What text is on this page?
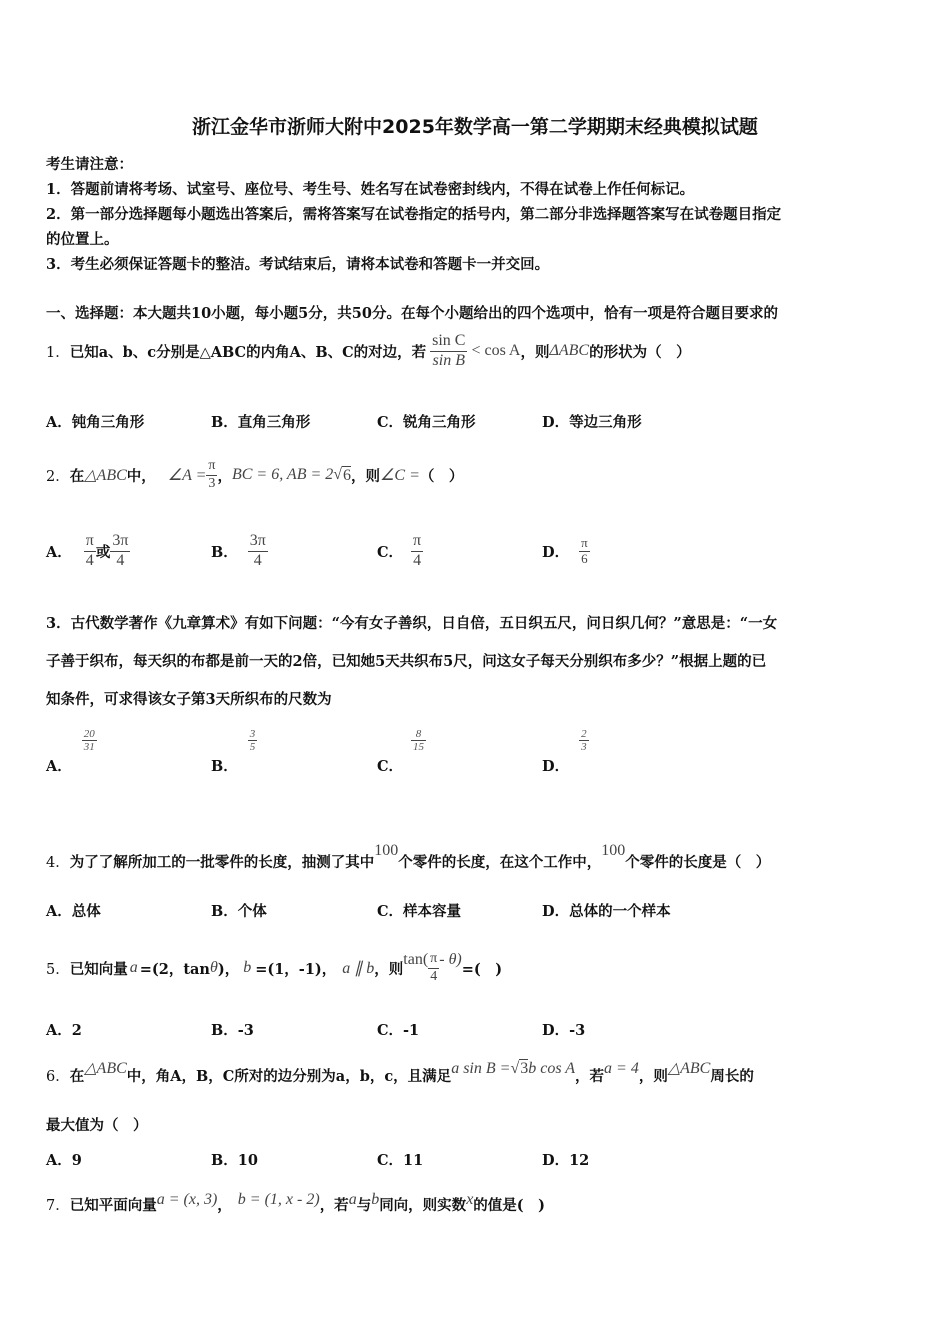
浙江金华市浙师大附中2025年数学高一第二学期期末经典模拟试题
考生请注意：
1．答题前请将考场、试室号、座位号、考生号、姓名写在试卷密封线内，不得在试卷上作任何标记。
2．第一部分选择题每小题选出答案后，需将答案写在试卷指定的括号内，第二部分非选择题答案写在试卷题目指定
的位置上。
3．考生必须保证答题卡的整洁。考试结束后，请将本试卷和答题卡一并交回。
一、选择题：本大题共10小题，每小题5分，共50分。在每个小题给出的四个选项中，恰有一项是符合题目要求的
1． 已知a、b、c分别是△ABC的内角A、B、C的对边，若 $\frac{\text{sin C}}{\text{sin B}} < \cos A$ ，则 ΔABC 的形状为（　）
A．钝角三角形	B．直角三角形	C．锐角三角形	D．等边三角形
2． 在 △ABC 中， ∠A = $\frac{\pi}{3}$ ， BC = 6, AB = 2 √ 6 ，则 ∠C = （　）
A． $\frac{\pi}{4}$ 或 $\frac{3\pi}{4}$	B． $\frac{3\pi}{4}$	C． $\frac{\pi}{4}$	D． $\frac{\pi}{6}$
3．古代数学著作《九章算术》有如下问题：“今有女子善织，日自倍，五日织五尺，问日织几何？”意思是：“一女
子善于织布，每天织的布都是前一天的2倍，已知她5天共织布5尺，问这女子每天分别织布多少？”根据上题的已
知条件，可求得该女子第3天所织布的尺数为
A．
$\frac{20}{31}$
B．
$\frac{3}{5}$
C．
$\frac{8}{15}$
D．
$\frac{2}{3}$
4． 为了了解所加工的一批零件的长度，抽测了其中
100
个零件的长度，在这个工作中，
100
个零件的长度是（　）
A．总体	B．个体	C．样本容量	D．总体的一个样本
5． 已知向量 a =(2，tan θ )， b =(1，-1)， a ∥ b ，则
$\tan( \frac{\pi}{4} - \theta)$
=(　)
A．2	B．-3	C．-1	D．-3
6． 在 △ABC 中，角A，B，C所对的边分别为a，b，c，且满足 a sin B = √ 3 b cos A ，若 a = 4 ，则 △ABC 周长的
最大值为（　）
A．9	B．10	C．11	D．12
7． 已知平面向量 a = (x, 3) ， b = (1, x - 2) ，若 a 与 b 同向，则实数 x 的值是(　)
